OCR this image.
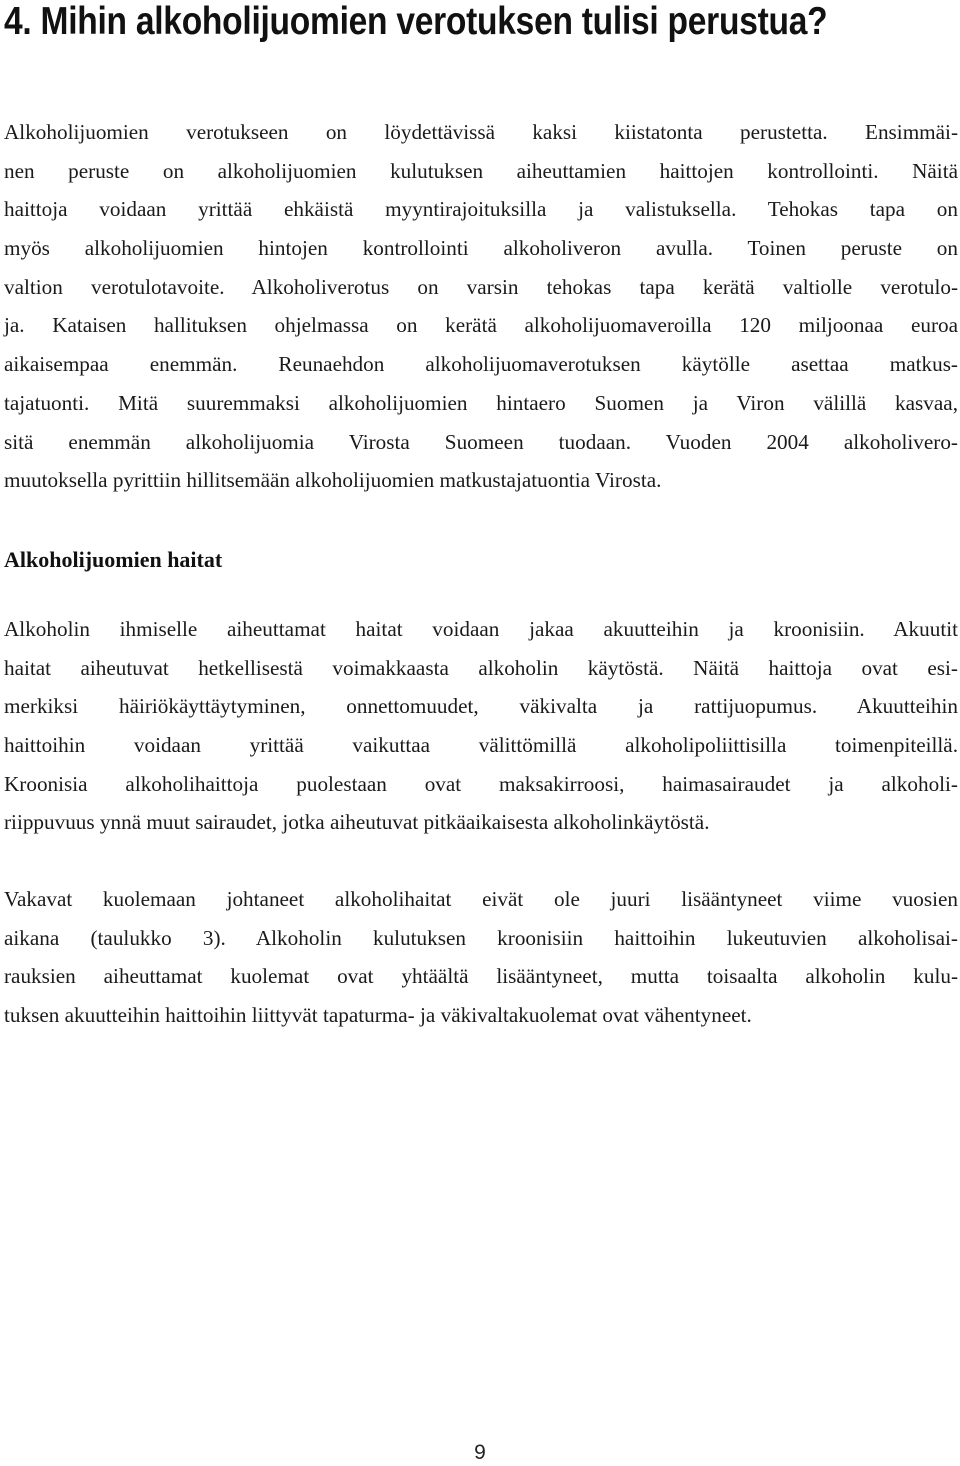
4. Mihin alkoholijuomien verotuksen tulisi perustua?
Alkoholijuomien verotukseen on löydettävissä kaksi kiistatonta perustetta. Ensimmäi-
nen peruste on alkoholijuomien kulutuksen aiheuttamien haittojen kontrollointi. Näitä
haittoja voidaan yrittää ehkäistä myyntirajoituksilla ja valistuksella. Tehokas tapa on
myös alkoholijuomien hintojen kontrollointi alkoholiveron avulla. Toinen peruste on
valtion verotulotavoite. Alkoholiverotus on varsin tehokas tapa kerätä valtiolle verotulo-
ja. Kataisen hallituksen ohjelmassa on kerätä alkoholijuomaveroilla 120 miljoonaa euroa
aikaisempaa enemmän. Reunaehdon alkoholijuomaverotuksen käytölle asettaa matkus-
tajatuonti. Mitä suuremmaksi alkoholijuomien hintaero Suomen ja Viron välillä kasvaa,
sitä enemmän alkoholijuomia Virosta Suomeen tuodaan. Vuoden 2004 alkoholivero-
muutoksella pyrittiin hillitsemään alkoholijuomien matkustajatuontia Virosta.
Alkoholijuomien haitat
Alkoholin ihmiselle aiheuttamat haitat voidaan jakaa akuutteihin ja kroonisiin. Akuutit
haitat aiheutuvat hetkellisestä voimakkaasta alkoholin käytöstä. Näitä haittoja ovat esi-
merkiksi häiriökäyttäytyminen, onnettomuudet, väkivalta ja rattijuopumus. Akuutteihin
haittoihin voidaan yrittää vaikuttaa välittömillä alkoholipoliittisilla toimenpiteillä.
Kroonisia alkoholihaittoja puolestaan ovat maksakirroosi, haimasairaudet ja alkoholi-
riippuvuus ynnä muut sairaudet, jotka aiheutuvat pitkäaikaisesta alkoholinkäytöstä.
Vakavat kuolemaan johtaneet alkoholihaitat eivät ole juuri lisääntyneet viime vuosien
aikana (taulukko 3). Alkoholin kulutuksen kroonisiin haittoihin lukeutuvien alkoholisai-
rauksien aiheuttamat kuolemat ovat yhtäältä lisääntyneet, mutta toisaalta alkoholin kulu-
tuksen akuutteihin haittoihin liittyvät tapaturma- ja väkivaltakuolemat ovat vähentyneet.
9
